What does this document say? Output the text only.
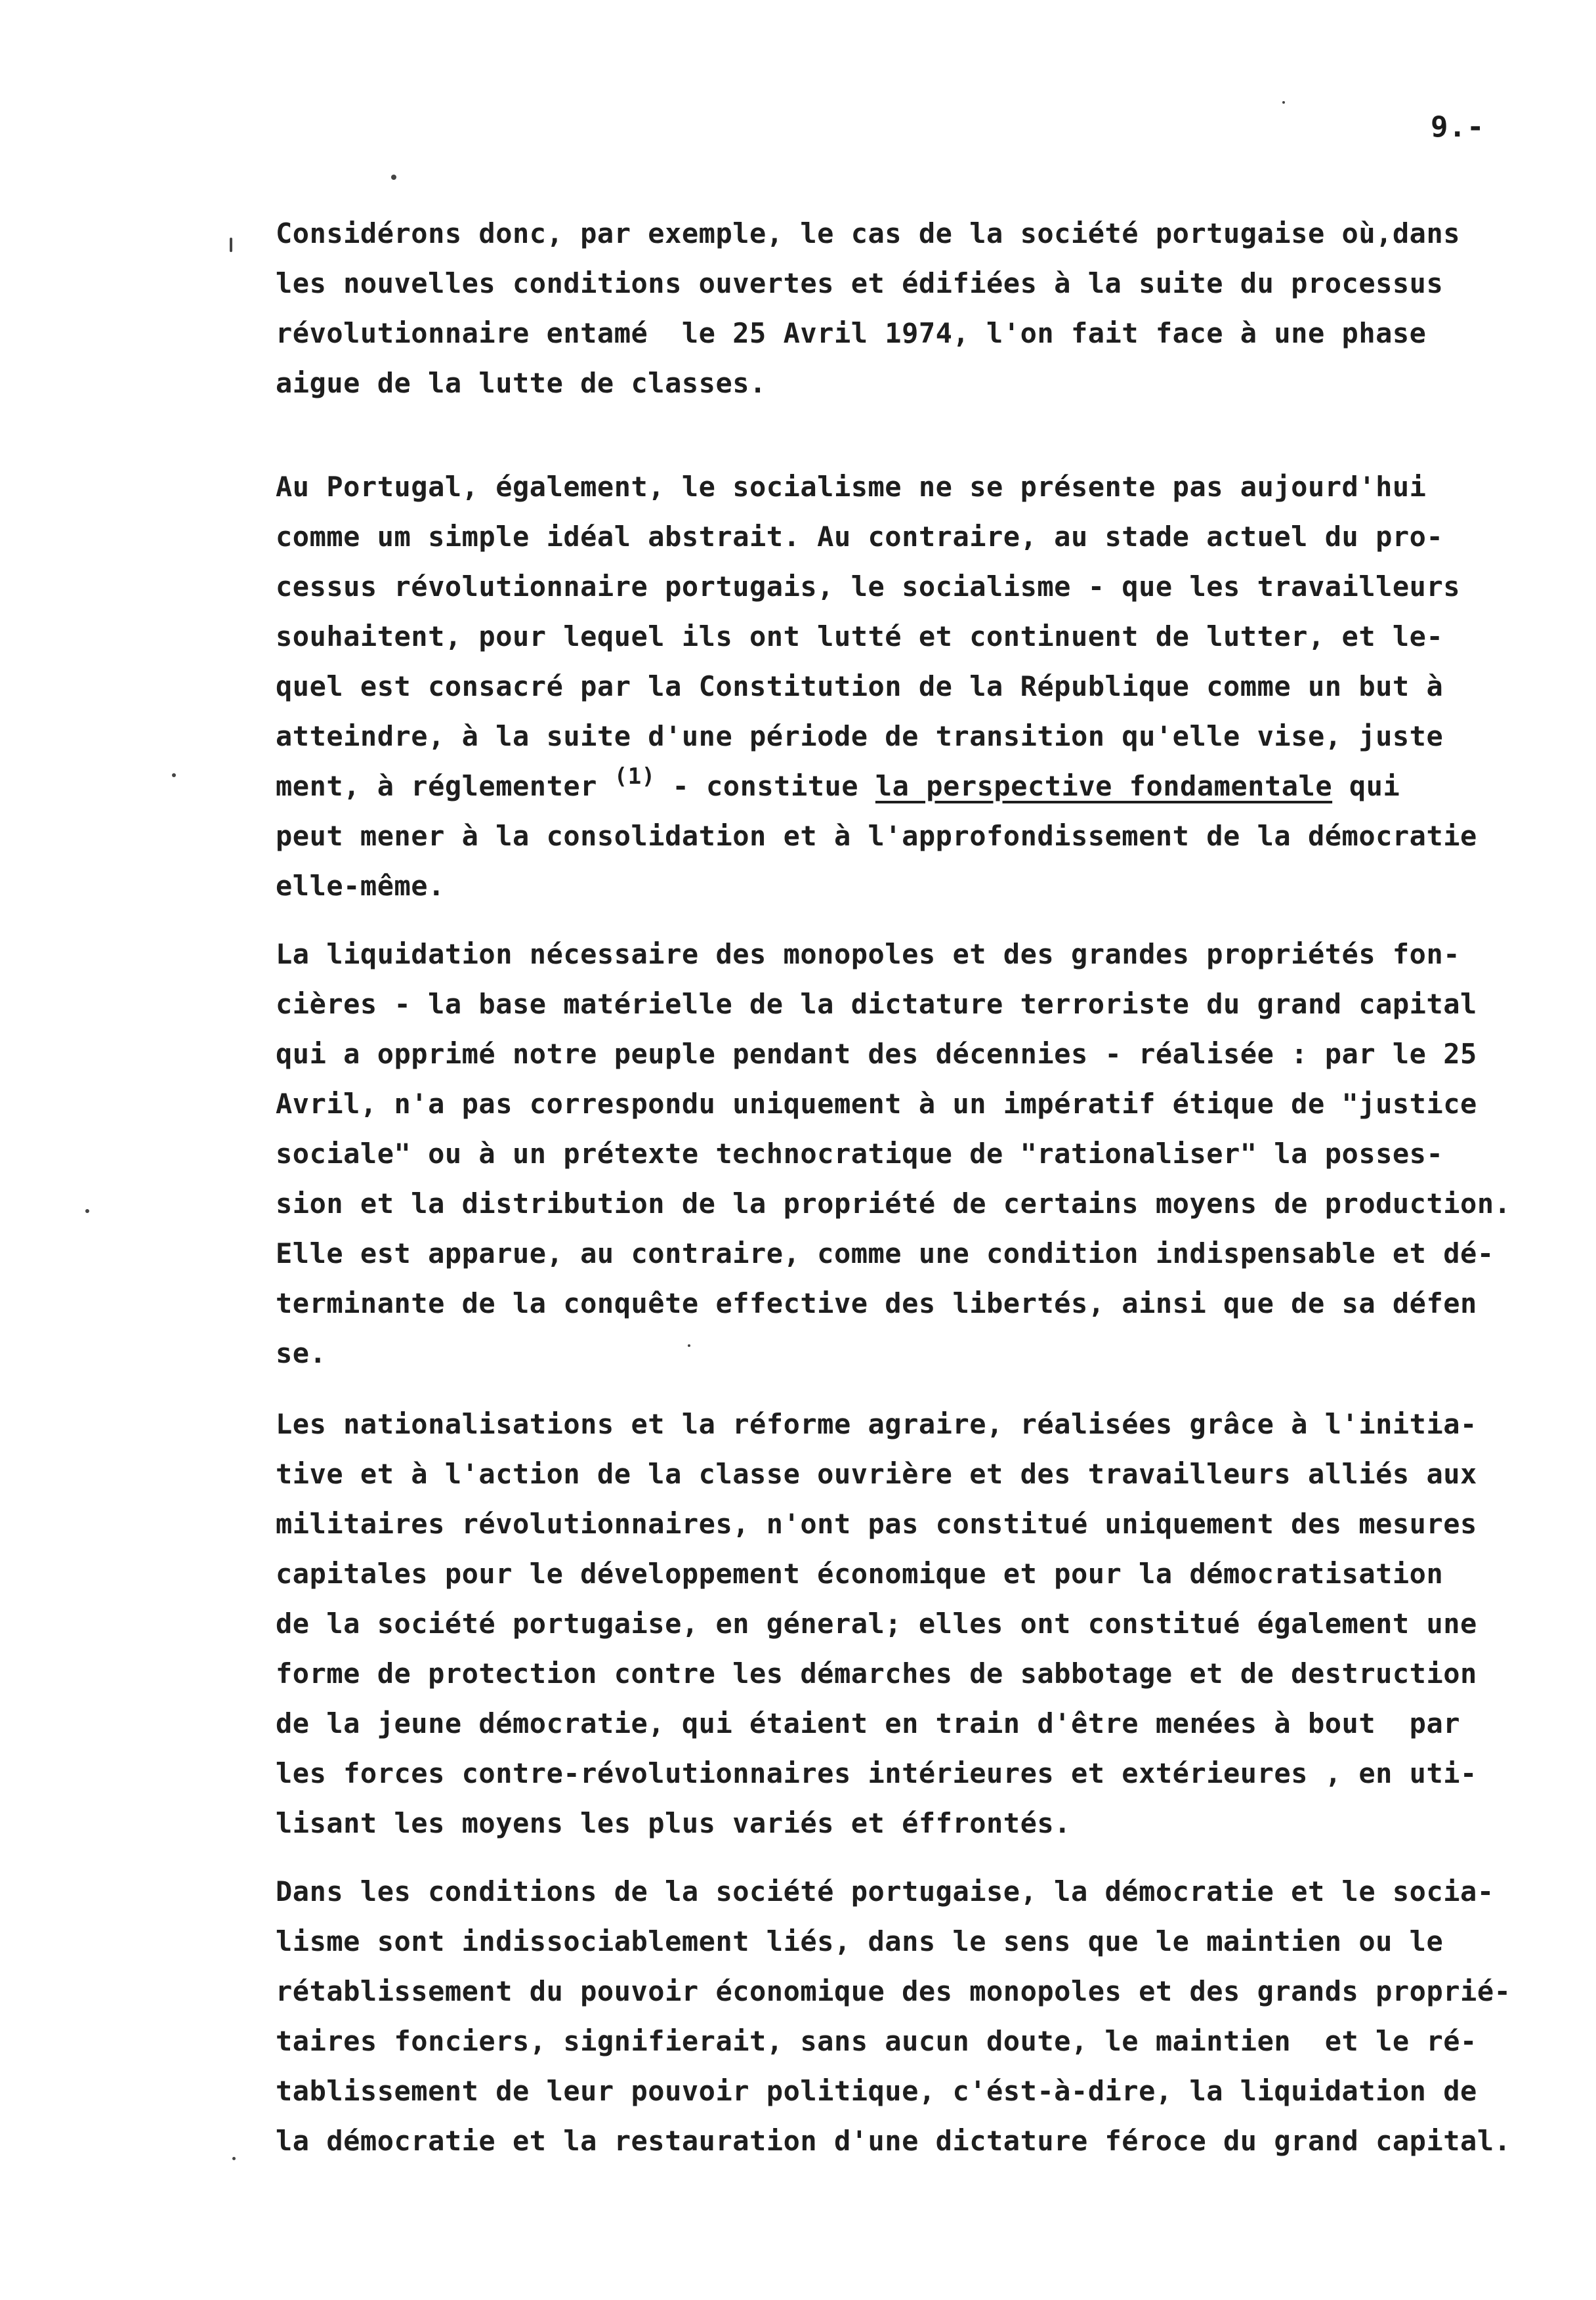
9.-
Considérons donc, par exemple, le cas de la société portugaise où,dans
les nouvelles conditions ouvertes et édifiées à la suite du processus
révolutionnaire entamé  le 25 Avril 1974, l'on fait face à une phase
aigue de la lutte de classes.
Au Portugal, également, le socialisme ne se présente pas aujourd'hui
comme um simple idéal abstrait. Au contraire, au stade actuel du pro-
cessus révolutionnaire portugais, le socialisme - que les travailleurs
souhaitent, pour lequel ils ont lutté et continuent de lutter, et le-
quel est consacré par la Constitution de la République comme un but à
atteindre, à la suite d'une période de transition qu'elle vise, juste
ment, à réglementer $^{(1)}$ - constitue la perspective fondamentale qui
peut mener à la consolidation et à l'approfondissement de la démocratie
elle-même.
La liquidation nécessaire des monopoles et des grandes propriétés fon-
cières - la base matérielle de la dictature terroriste du grand capital
qui a opprimé notre peuple pendant des décennies - réalisée : par le 25
Avril, n'a pas correspondu uniquement à un impératif étique de "justice
sociale" ou à un prétexte technocratique de "rationaliser" la posses-
sion et la distribution de la propriété de certains moyens de production.
Elle est apparue, au contraire, comme une condition indispensable et dé-
terminante de la conquête effective des libertés, ainsi que de sa défen
se.
Les nationalisations et la réforme agraire, réalisées grâce à l'initia-
tive et à l'action de la classe ouvrière et des travailleurs alliés aux
militaires révolutionnaires, n'ont pas constitué uniquement des mesures
capitales pour le développement économique et pour la démocratisation
de la société portugaise, en géneral; elles ont constitué également une
forme de protection contre les démarches de sabbotage et de destruction
de la jeune démocratie, qui étaient en train d'être menées à bout  par
les forces contre-révolutionnaires intérieures et extérieures , en uti-
lisant les moyens les plus variés et éffrontés.
Dans les conditions de la société portugaise, la démocratie et le socia-
lisme sont indissociablement liés, dans le sens que le maintien ou le
rétablissement du pouvoir économique des monopoles et des grands proprié-
taires fonciers, signifierait, sans aucun doute, le maintien  et le ré-
tablissement de leur pouvoir politique, c'ést-à-dire, la liquidation de
la démocratie et la restauration d'une dictature féroce du grand capital.
